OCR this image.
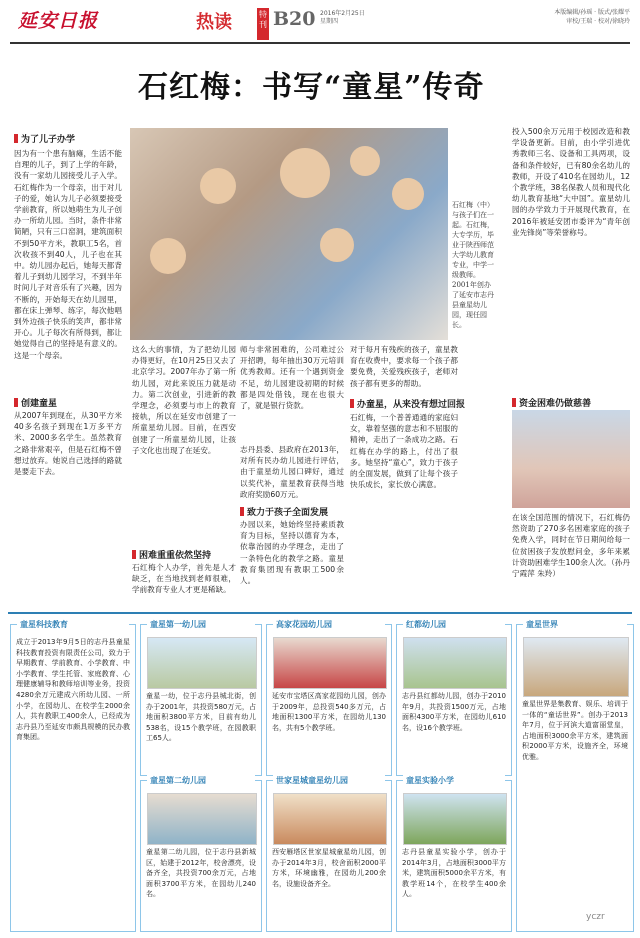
延安日报	热读	特刊 B20 2016年2月25日
星期四
本版编辑/孙瑶 · 版式/张耀平
审校/王瑞 · 校对/徐晓玲
石红梅：书写“童星”传奇
为了儿子办学
因为有一个患有脑瘫，生活不能自理的儿子，到了上学的年龄，没有一家幼儿园接受儿子入学。石红梅作为一个母亲，出于对儿子的爱，她认为儿子必须要接受学前教育，所以她萌生为儿子创办一所幼儿园。当时，条件非常简陋，只有三口窑洞，建筑面积不到50平方米，教职工5名，首次收孩不到40人，儿子也在其中。幼儿园办起后，她每天都背着儿子到幼儿园学习，不到半年时间儿子对音乐有了兴趣，因为不断的，开始每天在幼儿园里，都在床上弹琴、练字，每次他唱到外边孩子快乐的笑声，都非常开心。儿子每次有所得到，都让她觉得自己的坚持是有意义的。这是一个母亲。
创建童星
从2007年到现在，从30平方米40多名孩子到现在1万多平方米、2000多名学生。虽然教育之路非常艰辛，但是石红梅不曾想过放弃。她说自己选择的路就是要走下去。
石红梅（中）与孩子们在一起。石红梅，大专学历，毕业于陕西师范大学幼儿教育专业，中学一级教师。2001年创办了延安市志丹县童星幼儿园，现任园长。
这么大的事情，为了把幼儿园办得更好，在10月25日又去了北京学习。2007年办了第一所幼儿园，对此来说压力就是动力。第二次创业，引进新的教学理念，必须要与市上的教育接轨，所以在延安市创建了一所童星幼儿园。目前，在西安创建了一所童星幼儿园，让孩子文化也出现了在延安。
困难重重依然坚持
石红梅个人办学，首先是人才缺乏，在当地找到老师很难，学前教育专业人才更是稀缺。
师与非常困难的，公司难过公开招聘，每年抽出30万元培训优秀教师。还有一个遇到资金不足，幼儿园建设初期的时候都是四处借钱，现在也很大了，就是银行贷款。
志丹县委、县政府在2013年，对所有民办幼儿园进行评估，由于童星幼儿园口碑好，通过以奖代补，童星教育获得当地政府奖励60万元。
致力于孩子全面发展
办园以来，她始终坚持素质教育为目标，坚持以德育为本，依靠治园的办学理念，走出了一条特色化的教学之路。童星教育集团现有教职工500余人。
对于每月有残疾的孩子，童星教育在收费中，要求每一个孩子都要免费，关爱残疾孩子，老师对孩子都有更多的帮助。
办童星，从来没有想过回报
石红梅，一个普普通通的家庭妇女，靠着坚强的意志和不屈服的精神，走出了一条成功之路。石红梅在办学的路上，付出了很多。她坚持“童心”，致力于孩子的全面发展，做到了让每个孩子快乐成长，家长放心满意。
投入500余万元用于校园改造和教学设备更新。目前，由小学引进优秀教师三名、设备和工具两项，设备和条件较好，已有80余名幼儿的教师，开设了410名在园幼儿，12个教学班，38名保教人员和现代化幼儿教育基地“大中国”。童星幼儿园的办学致力于开展现代教育，在2016年被延安团市委评为“青年创业先锋岗”等荣誉称号。
资金困难仍做慈善
在该全国范围的情况下，石红梅仍然资助了270多名困难家庭的孩子免费入学，同时在节日期间给每一位贫困孩子发放慰问金，多年来累计资助困难学生100余人次。（孙丹 宁霞萍 朱羚）
童星科技教育
成立于2013年9月5日的志丹县童星科技教育投资有限责任公司，致力于早期教育、学前教育、小学教育、中小学教育、学生托管、家庭教育、心理健康辅导和教师培训等业务，投资4280余万元建成六所幼儿园、一所小学，在园幼儿、在校学生2000余人，共有教职工400余人，已经成为志丹县乃至延安市颇具规模的民办教育集团。
童星第一幼儿园
童星一幼，位于志丹县城北街，创办于2001年，共投资580万元，占地面积3800平方米，目前有幼儿538名，设15个教学班，在园教职工65人。
高家花园幼儿园
延安市宝塔区高家花园幼儿园，创办于2009年，总投资540多万元，占地面积1300平方米，在园幼儿130名，共有5个教学班。
红都幼儿园
志丹县红都幼儿园，创办于2010年9月，共投资1500万元，占地面积4300平方米，在园幼儿610名，设16个教学班。
童星世界
童星世界是集教育、娱乐、培训于一体的“童话世界”。创办于2013年7月，位于河滨大道富丽堂皇，占地面积3000余平方米，建筑面积2000平方米，设施齐全，环境优雅。
童星第二幼儿园
童星第二幼儿园，位于志丹县新城区，始建于2012年，校舍漂亮，设备齐全，共投资700余万元，占地面积3700平方米，在园幼儿240名。
世家星城童星幼儿园
西安雁塔区世家星城童星幼儿园，创办于2014年3月，校舍面积2000平方米，环境幽雅，在园幼儿200余名，设施设备齐全。
童星实验小学
志丹县童星实验小学，创办于2014年3月，占地面积3000平方米，建筑面积5000余平方米，有教学班14个，在校学生400余人。
yczr
